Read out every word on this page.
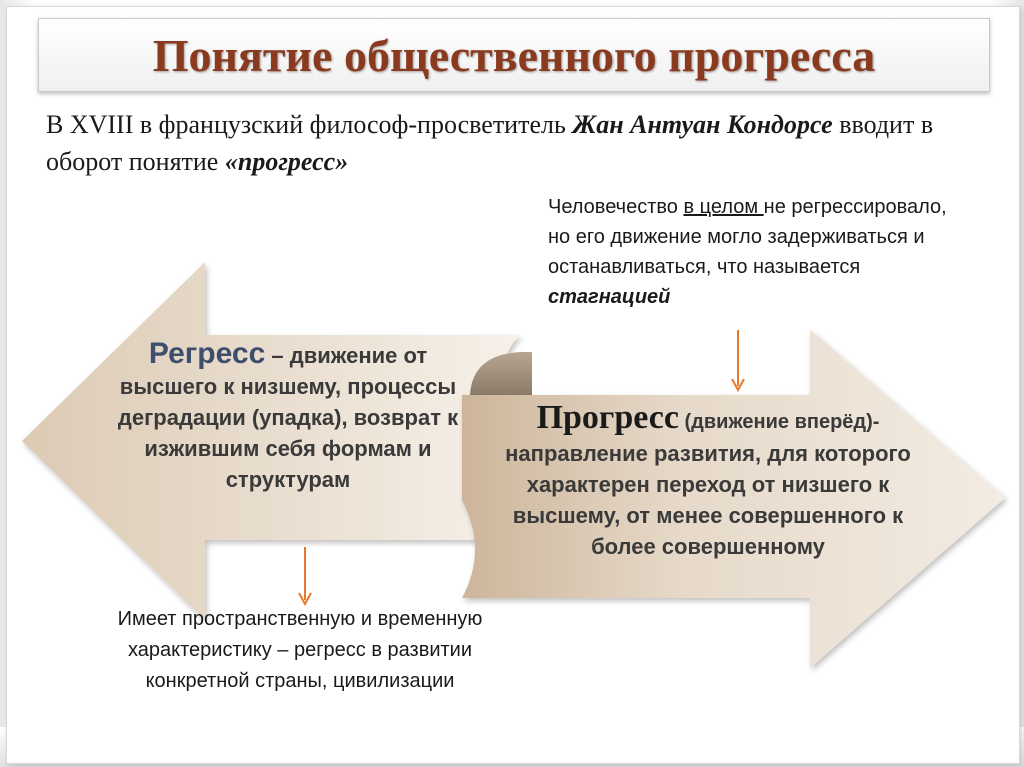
Понятие общественного прогресса
В XVIII в французский философ-просветитель Жан Антуан Кондорсе вводит в оборот понятие «прогресс»
Человечество в целом не регрессировало, но его движение могло задерживаться и останавливаться, что называется стагнацией
Регресс – движение от высшего к низшему, процессы деградации (упадка), возврат к изжившим себя формам и структурам
Прогресс (движение вперёд)-
направление развития, для которого характерен переход от низшего к высшему, от менее совершенного к более совершенному
Имеет пространственную и временную характеристику – регресс в развитии конкретной страны, цивилизации
